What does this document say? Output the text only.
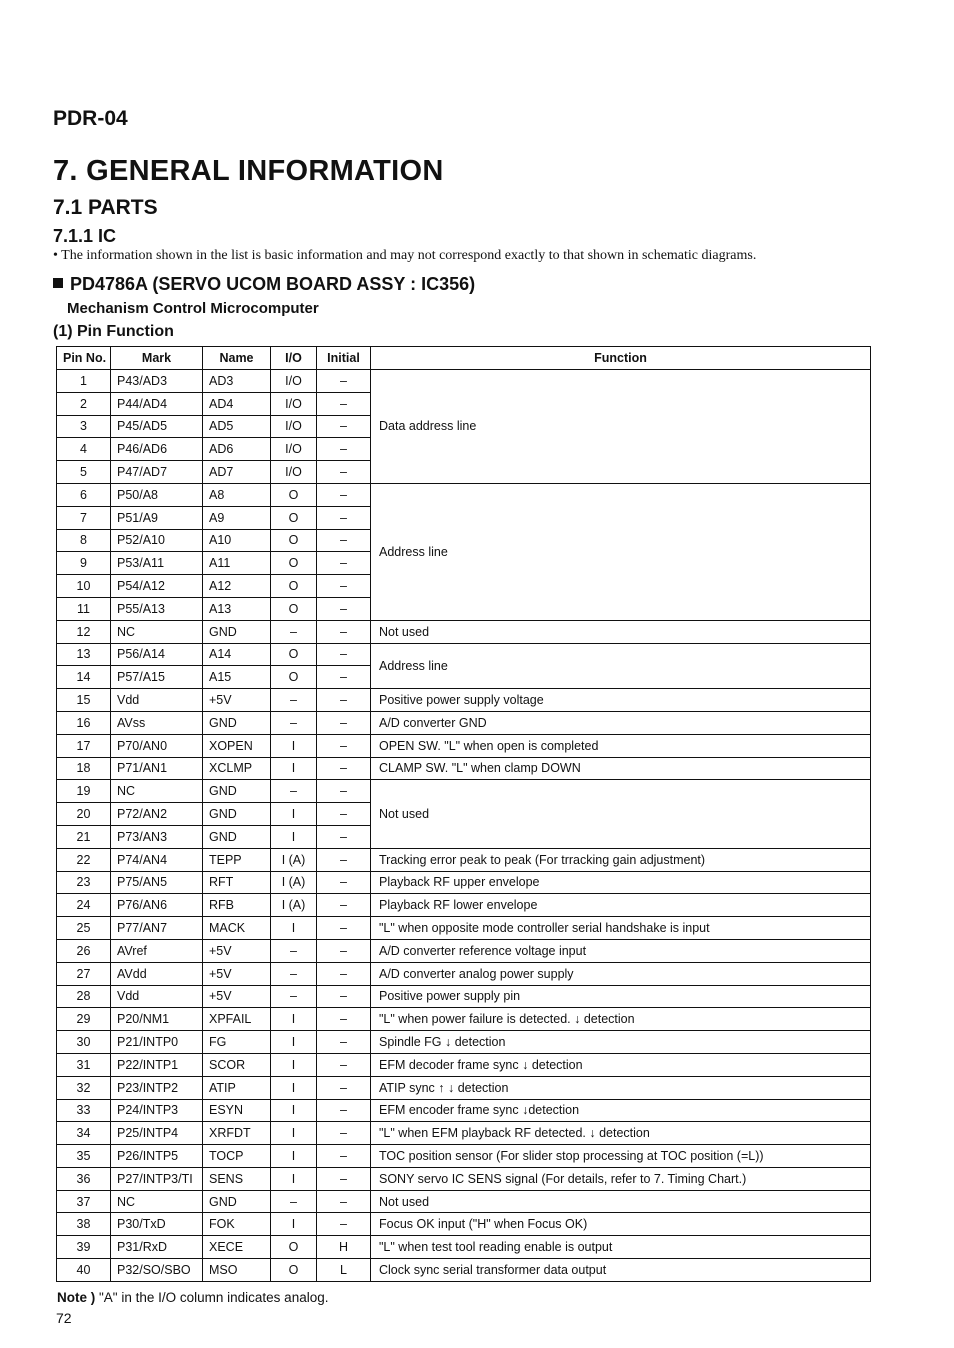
PDR-04
7. GENERAL INFORMATION
7.1 PARTS
7.1.1 IC
• The information shown in the list is basic information and may not correspond exactly to that shown in schematic diagrams.
PD4786A (SERVO UCOM BOARD ASSY : IC356)
Mechanism Control Microcomputer
(1) Pin Function
Pin No.	Mark	Name	I/O	Initial	Function
1	P43/AD3	AD3	I/O	–	Data address line
2	P44/AD4	AD4	I/O	–	
3	P45/AD5	AD5	I/O	–	
4	P46/AD6	AD6	I/O	–	
5	P47/AD7	AD7	I/O	–	
6	P50/A8	A8	O	–	Address line
7	P51/A9	A9	O	–	
8	P52/A10	A10	O	–	
9	P53/A11	A11	O	–	
10	P54/A12	A12	O	–	
11	P55/A13	A13	O	–	
12	NC	GND	–	–	Not used
13	P56/A14	A14	O	–	Address line
14	P57/A15	A15	O	–	
15	Vdd	+5V	–	–	Positive power supply voltage
16	AVss	GND	–	–	A/D converter GND
17	P70/AN0	XOPEN	I	–	OPEN SW. "L" when open is completed
18	P71/AN1	XCLMP	I	–	CLAMP SW. "L" when clamp DOWN
19	NC	GND	–	–	Not used
20	P72/AN2	GND	I	–	
21	P73/AN3	GND	I	–	
22	P74/AN4	TEPP	I (A)	–	Tracking error peak to peak (For trracking gain adjustment)
23	P75/AN5	RFT	I (A)	–	Playback RF upper envelope
24	P76/AN6	RFB	I (A)	–	Playback RF lower envelope
25	P77/AN7	MACK	I	–	"L" when opposite mode controller serial handshake is input
26	AVref	+5V	–	–	A/D converter reference voltage input
27	AVdd	+5V	–	–	A/D converter analog power supply
28	Vdd	+5V	–	–	Positive power supply pin
29	P20/NM1	XPFAIL	I	–	"L" when power failure is detected. ↓ detection
30	P21/INTP0	FG	I	–	Spindle FG ↓ detection
31	P22/INTP1	SCOR	I	–	EFM decoder frame sync ↓ detection
32	P23/INTP2	ATIP	I	–	ATIP sync ↑ ↓ detection
33	P24/INTP3	ESYN	I	–	EFM encoder frame sync ↓detection
34	P25/INTP4	XRFDT	I	–	"L" when EFM playback RF detected. ↓ detection
35	P26/INTP5	TOCP	I	–	TOC position sensor (For slider stop processing at TOC position (=L))
36	P27/INTP3/TI	SENS	I	–	SONY servo IC SENS signal (For details, refer to 7. Timing Chart.)
37	NC	GND	–	–	Not used
38	P30/TxD	FOK	I	–	Focus OK input ("H" when Focus OK)
39	P31/RxD	XECE	O	H	"L" when test tool reading enable is output
40	P32/SO/SBO	MSO	O	L	Clock sync serial transformer data output
Note ) "A" in the I/O column indicates analog.
72
